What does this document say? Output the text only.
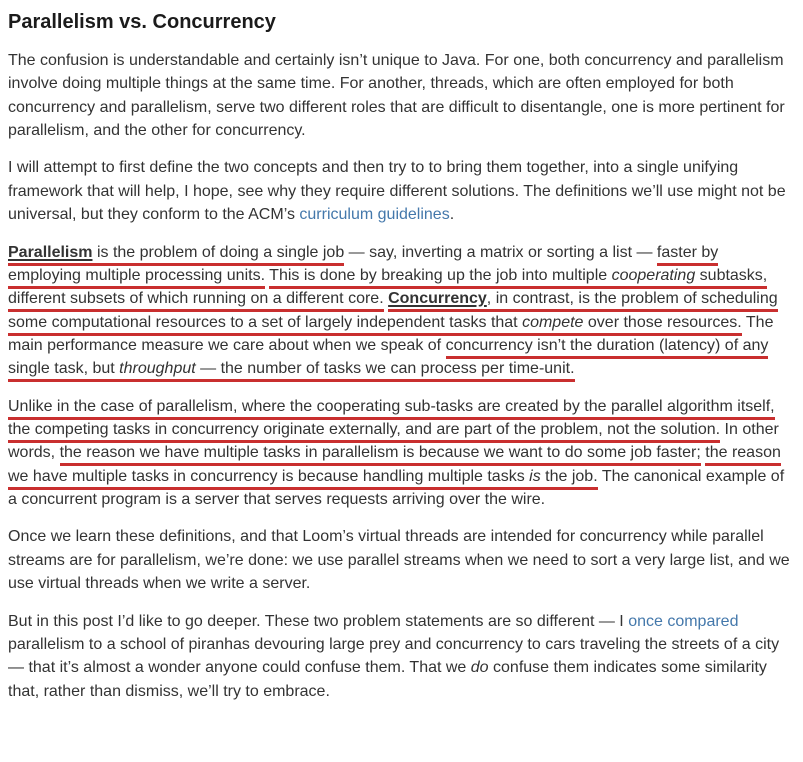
Parallelism vs. Concurrency

The confusion is understandable and certainly isn’t unique to Java. For one, both concurrency and parallelism involve doing multiple things at the same time. For another, threads, which are often employed for both concurrency and parallelism, serve two different roles that are difficult to disentangle, one is more pertinent for parallelism, and the other for concurrency.

I will attempt to first define the two concepts and then try to to bring them together, into a single unifying framework that will help, I hope, see why they require different solutions. The definitions we’ll use might not be universal, but they conform to the ACM’s curriculum guidelines.

Parallelism is the problem of doing a single job — say, inverting a matrix or sorting a list — faster by employing multiple processing units. This is done by breaking up the job into multiple cooperating subtasks, different subsets of which running on a different core. Concurrency, in contrast, is the problem of scheduling some computational resources to a set of largely independent tasks that compete over those resources. The main performance measure we care about when we speak of concurrency isn’t the duration (latency) of any single task, but throughput — the number of tasks we can process per time-unit.

Unlike in the case of parallelism, where the cooperating sub-tasks are created by the parallel algorithm itself, the competing tasks in concurrency originate externally, and are part of the problem, not the solution. In other words, the reason we have multiple tasks in parallelism is because we want to do some job faster; the reason we have multiple tasks in concurrency is because handling multiple tasks is the job. The canonical example of a concurrent program is a server that serves requests arriving over the wire.

Once we learn these definitions, and that Loom’s virtual threads are intended for concurrency while parallel streams are for parallelism, we’re done: we use parallel streams when we need to sort a very large list, and we use virtual threads when we write a server.

But in this post I’d like to go deeper. These two problem statements are so different — I once compared parallelism to a school of piranhas devouring large prey and concurrency to cars traveling the streets of a city — that it’s almost a wonder anyone could confuse them. That we do confuse them indicates some similarity that, rather than dismiss, we’ll try to embrace.
